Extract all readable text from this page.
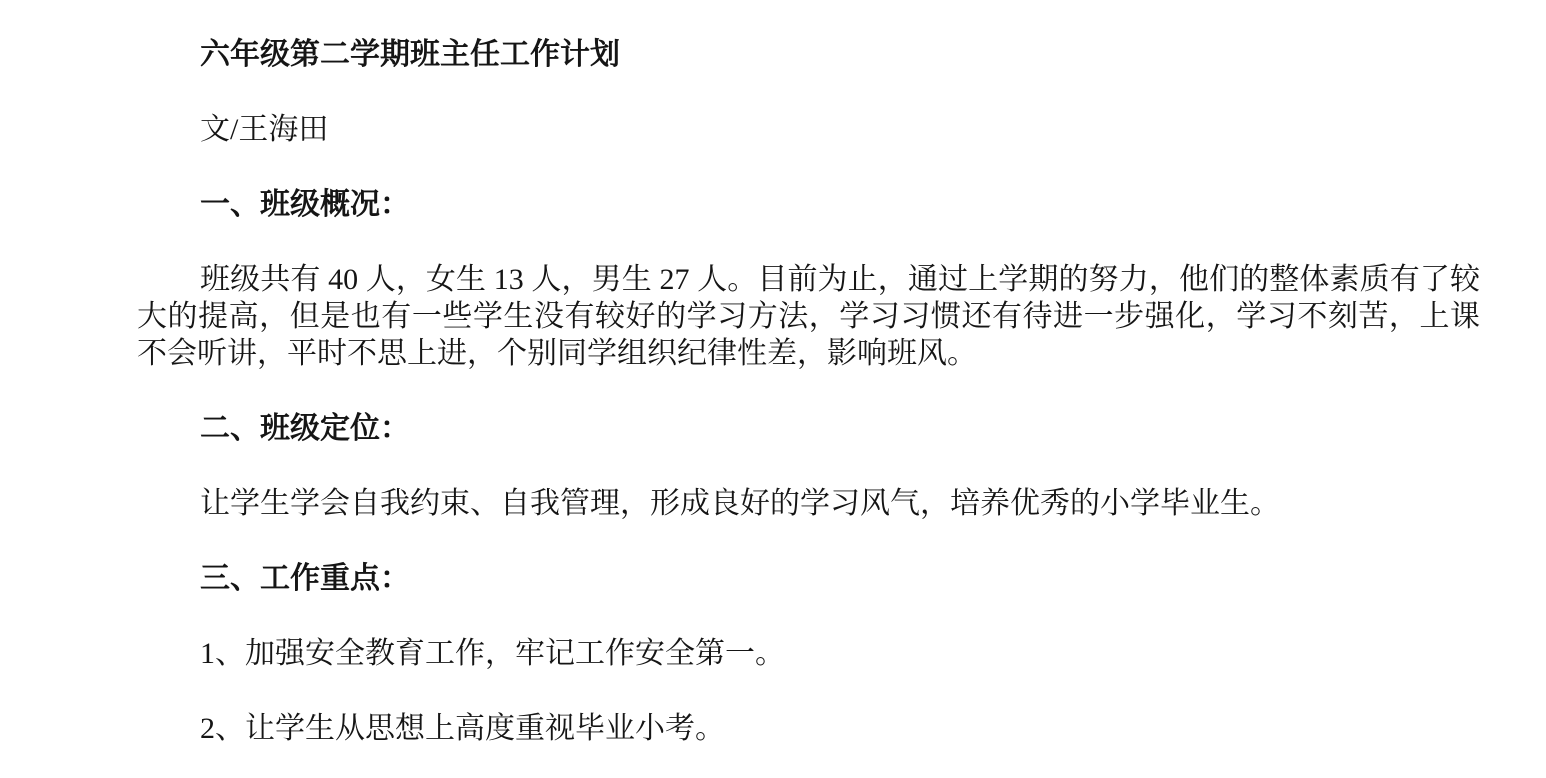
六年级第二学期班主任工作计划
文/王海田
一、班级概况：
班级共有 40 人，女生 13 人，男生 27 人。目前为止，通过上学期的努力，他们的整体素质有了较大的提高，但是也有一些学生没有较好的学习方法，学习习惯还有待进一步强化，学习不刻苦，上课不会听讲，平时不思上进，个别同学组织纪律性差，影响班风。
二、班级定位：
让学生学会自我约束、自我管理，形成良好的学习风气，培养优秀的小学毕业生。
三、工作重点：
1、加强安全教育工作，牢记工作安全第一。
2、让学生从思想上高度重视毕业小考。
